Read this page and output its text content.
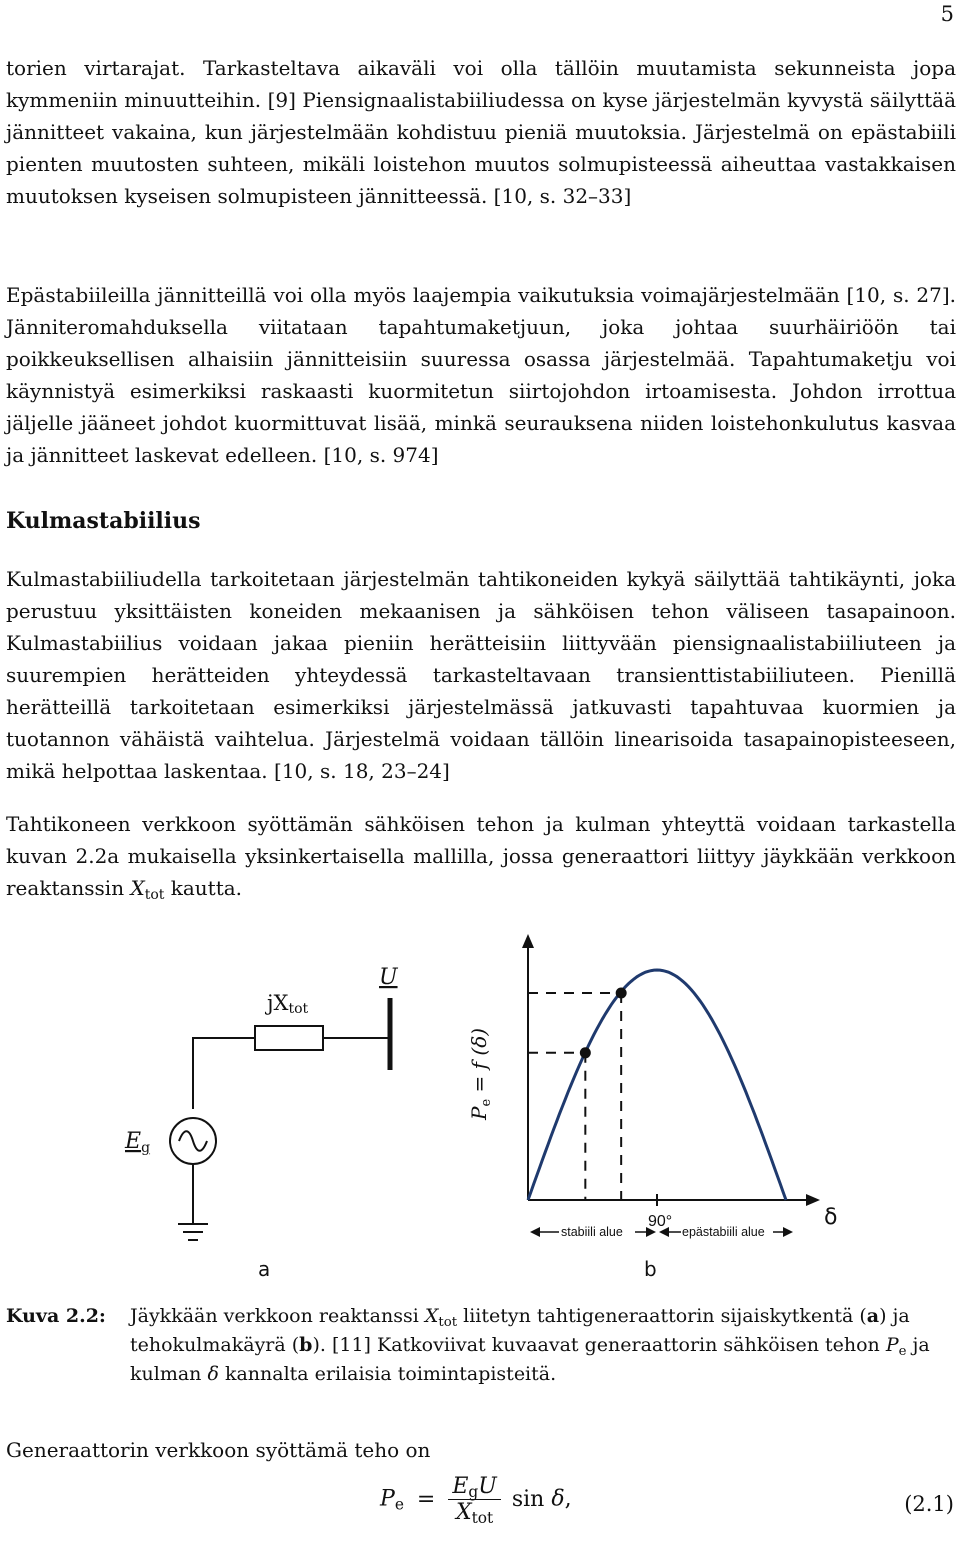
5

torien virtarajat. Tarkasteltava aikaväli voi olla tällöin muutamista sekunneista jopa kymmeniin minuutteihin. [9] Piensignaalistabiiliudessa on kyse järjestelmän kyvystä säilyttää jännitteet vakaina, kun järjestelmään kohdistuu pieniä muutoksia. Järjestelmä on epästabiili pienten muutosten suhteen, mikäli loistehon muutos solmupisteessä aiheuttaa vastakkaisen muutoksen kyseisen solmupisteen jännitteessä. [10, s. 32–33]

Epästabiileilla jännitteillä voi olla myös laajempia vaikutuksia voimajärjestelmään [10, s. 27]. Jänniteromahduksella viitataan tapahtumaketjuun, joka johtaa suurhäiriöön tai poikkeuksellisen alhaisiin jännitteisiin suuressa osassa järjestelmää. Tapahtumaketju voi käynnistyä esimerkiksi raskaasti kuormitetun siirtojohdon irtoamisesta. Johdon irrottua jäljelle jääneet johdot kuormittuvat lisää, minkä seurauksena niiden loistehonkulutus kasvaa ja jännitteet laskevat edelleen. [10, s. 974]

Kulmastabiilius

Kulmastabiiliudella tarkoitetaan järjestelmän tahtikoneiden kykyä säilyttää tahtikäynti, joka perustuu yksittäisten koneiden mekaanisen ja sähköisen tehon väliseen tasapainoon. Kulmastabiilius voidaan jakaa pieniin herätteisiin liittyvään piensignaalistabiiliuteen ja suurempien herätteiden yhteydessä tarkasteltavaan transienttistabiiliuteen. Pienillä herätteillä tarkoitetaan esimerkiksi järjestelmässä jatkuvasti tapahtuvaa kuormien ja tuotannon vähäistä vaihtelua. Järjestelmä voidaan tällöin linearisoida tasapainopisteeseen, mikä helpottaa laskentaa. [10, s. 18, 23–24]

Tahtikoneen verkkoon syöttämän sähköisen tehon ja kulman yhteyttä voidaan tarkastella kuvan 2.2a mukaisella yksinkertaisella mallilla, jossa generaattori liittyy jäykkään verkkoon reaktanssin $X_{tot}$ kautta.

jXtot
U
Eg
a
90°
stabiili alue	epästabiili alue
$P_e = f$ (δ)
δ
b
Kuva 2.2: Jäykkään verkkoon reaktanssi $X_{tot}$ liitetyn tahtigeneraattorin sijaiskytkentä (a) ja tehokulmakäyrä (b). [11] Katkoviivat kuvaavat generaattorin sähköisen tehon $P_e$ ja kulman δ kannalta erilaisia toimintapisteitä.

Generaattorin verkkoon syöttämä teho on

$P_e = \frac{E_gU}{X_{tot}}$ sin δ,	(2.1)
